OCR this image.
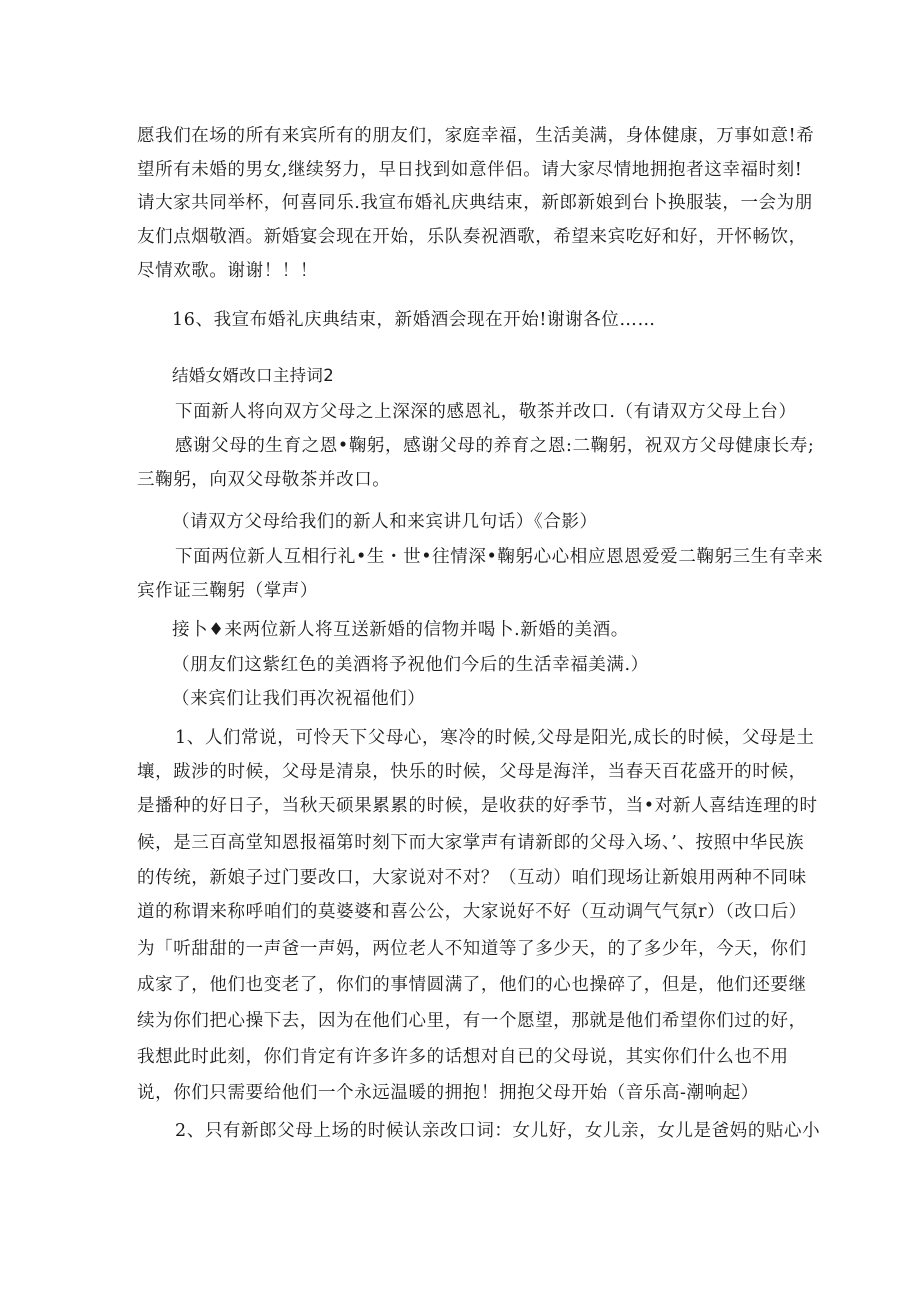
愿我们在场的所有来宾所有的朋友们，家庭幸福，生活美满，身体健康，万事如意!希
望所有未婚的男女,继续努力，早日找到如意伴侣。请大家尽情地拥抱者这幸福时刻!
请大家共同举杯，何喜同乐.我宣布婚礼庆典结束，新郎新娘到台卜换服装，一会为朋
友们点烟敬酒。新婚宴会现在开始，乐队奏祝酒歌，希望来宾吃好和好，开怀畅饮，
尽情欢歌。谢谢！！！
16、我宣布婚礼庆典结束，新婚酒会现在开始!谢谢各位……
结婚女婿改口主持词2
下面新人将向双方父母之上深深的感恩礼，敬茶并改口.（有请双方父母上台）
感谢父母的生育之恩•鞠躬，感谢父母的养育之恩:二鞠躬，祝双方父母健康长寿;
三鞠躬，向双父母敬茶并改口。
（请双方父母给我们的新人和来宾讲几句话）《合影）
下面两位新人互相行礼•生・世•往情深•鞠躬心心相应恩恩爱爱二鞠躬三生有幸来
宾作证三鞠躬（掌声）
接卜♦来两位新人将互送新婚的信物并喝卜.新婚的美酒。
（朋友们这紫红色的美酒将予祝他们今后的生活幸福美满.）
（来宾们让我们再次祝福他们）
1、人们常说，可怜天下父母心，寒冷的时候,父母是阳光,成长的时候，父母是土
壤，跋涉的时候，父母是清泉，快乐的时候，父母是海洋，当春天百花盛开的时候，
是播种的好日子，当秋天硕果累累的时候，是收获的好季节，当•对新人喜结连理的时
候，是三百高堂知恩报福第时刻下而大家掌声有请新郎的父母入场、’、按照中华民族
的传统，新娘子过门要改口，大家说对不对？（互动）咱们现场让新娘用两种不同味
道的称谓来称呼咱们的莫婆婆和喜公公，大家说好不好（互动调气气氛r）（改口后）
为「听甜甜的一声爸一声妈，两位老人不知道等了多少天，的了多少年，今天，你们
成家了，他们也变老了，你们的事情圆满了，他们的心也操碎了，但是，他们还要继
续为你们把心操下去，因为在他们心里，有一个愿望，那就是他们希望你们过的好，
我想此时此刻，你们肯定有许多许多的话想对自已的父母说，其实你们什么也不用
说，你们只需要给他们一个永远温暖的拥抱！拥抱父母开始（音乐高-潮响起）
2、只有新郎父母上场的时候认亲改口词：女儿好，女儿亲，女儿是爸妈的贴心小
